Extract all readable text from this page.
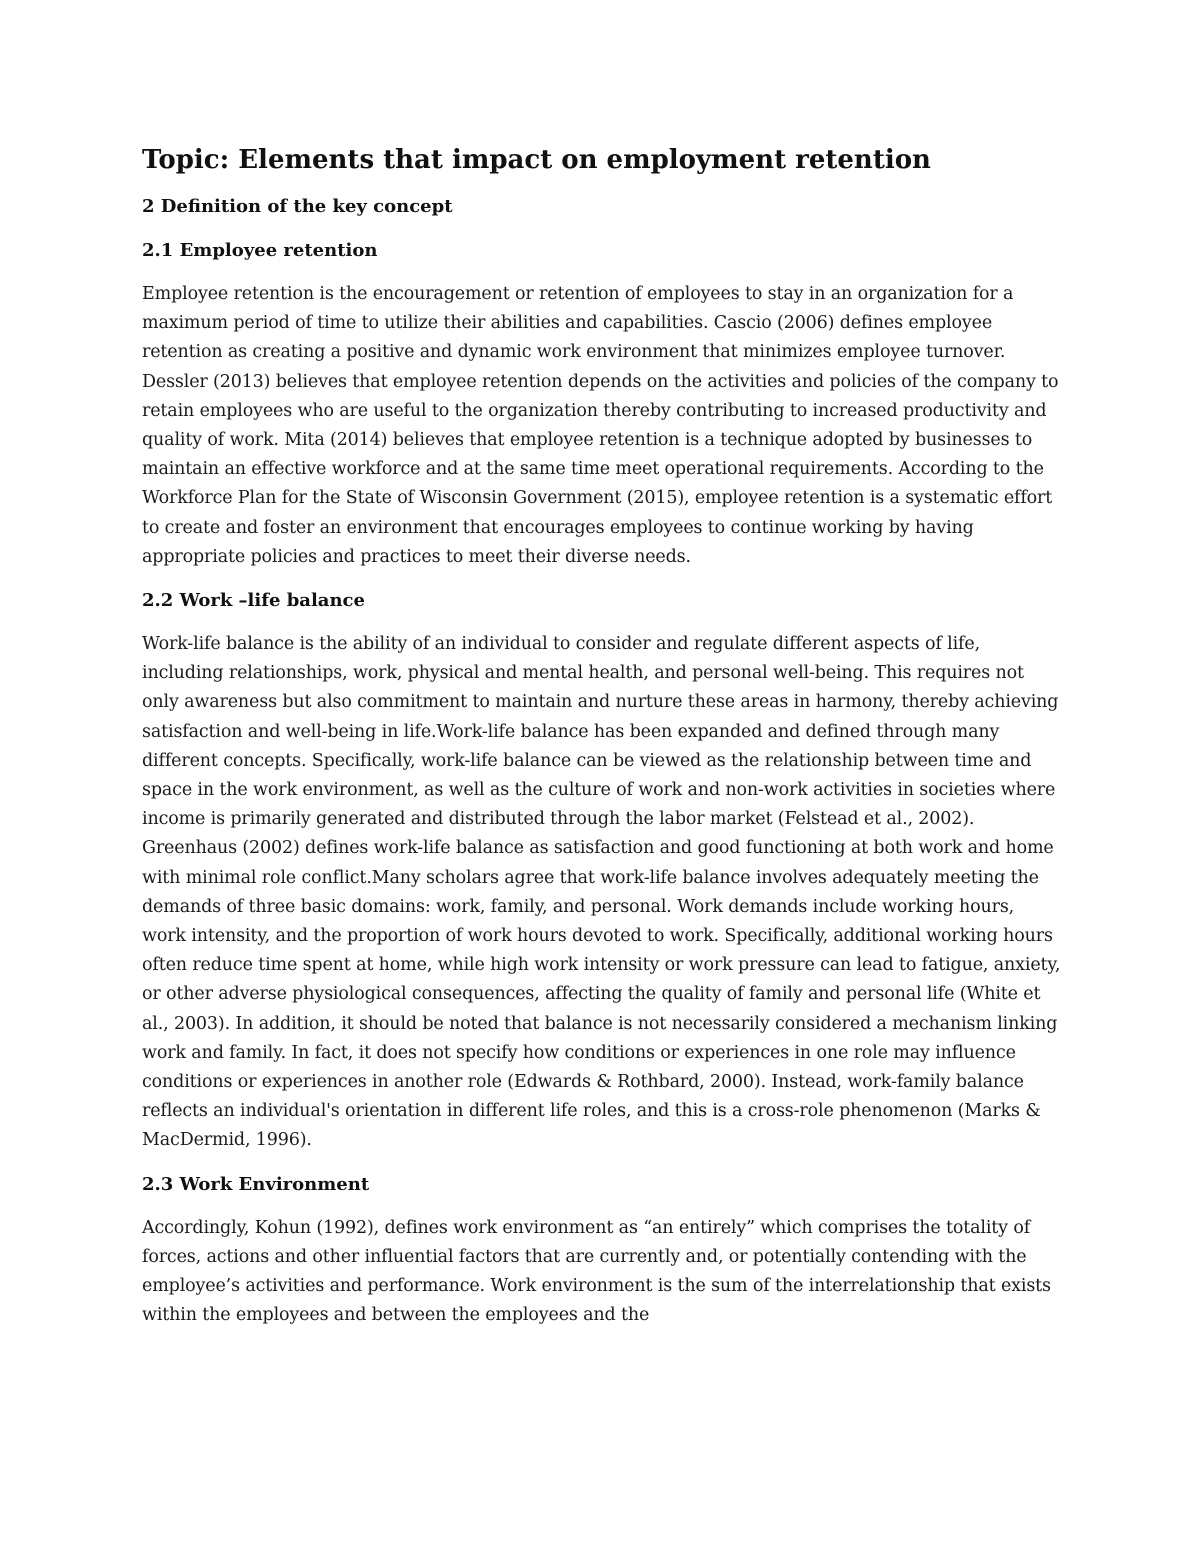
Topic: Elements that impact on employment retention
2 Definition of the key concept
2.1 Employee retention

Employee retention is the encouragement or retention of employees to stay in an organization for a maximum period of time to utilize their abilities and capabilities. Cascio (2006) defines employee retention as creating a positive and dynamic work environment that minimizes employee turnover. Dessler (2013) believes that employee retention depends on the activities and policies of the company to retain employees who are useful to the organization thereby contributing to increased productivity and quality of work. Mita (2014) believes that employee retention is a technique adopted by businesses to maintain an effective workforce and at the same time meet operational requirements. According to the Workforce Plan for the State of Wisconsin Government (2015), employee retention is a systematic effort to create and foster an environment that encourages employees to continue working by having appropriate policies and practices to meet their diverse needs.

2.2 Work –life balance

Work-life balance is the ability of an individual to consider and regulate different aspects of life, including relationships, work, physical and mental health, and personal well-being. This requires not only awareness but also commitment to maintain and nurture these areas in harmony, thereby achieving satisfaction and well-being in life.Work-life balance has been expanded and defined through many different concepts. Specifically, work-life balance can be viewed as the relationship between time and space in the work environment, as well as the culture of work and non-work activities in societies where income is primarily generated and distributed through the labor market (Felstead et al., 2002). Greenhaus (2002) defines work-life balance as satisfaction and good functioning at both work and home with minimal role conflict.Many scholars agree that work-life balance involves adequately meeting the demands of three basic domains: work, family, and personal. Work demands include working hours, work intensity, and the proportion of work hours devoted to work. Specifically, additional working hours often reduce time spent at home, while high work intensity or work pressure can lead to fatigue, anxiety, or other adverse physiological consequences, affecting the quality of family and personal life (White et al., 2003). In addition, it should be noted that balance is not necessarily considered a mechanism linking work and family. In fact, it does not specify how conditions or experiences in one role may influence conditions or experiences in another role (Edwards & Rothbard, 2000). Instead, work-family balance reflects an individual's orientation in different life roles, and this is a cross-role phenomenon (Marks & MacDermid, 1996).

2.3 Work Environment

Accordingly, Kohun (1992), defines work environment as “an entirely” which comprises the totality of forces, actions and other influential factors that are currently and, or potentially contending with the employee’s activities and performance. Work environment is the sum of the interrelationship that exists within the employees and between the employees and the
